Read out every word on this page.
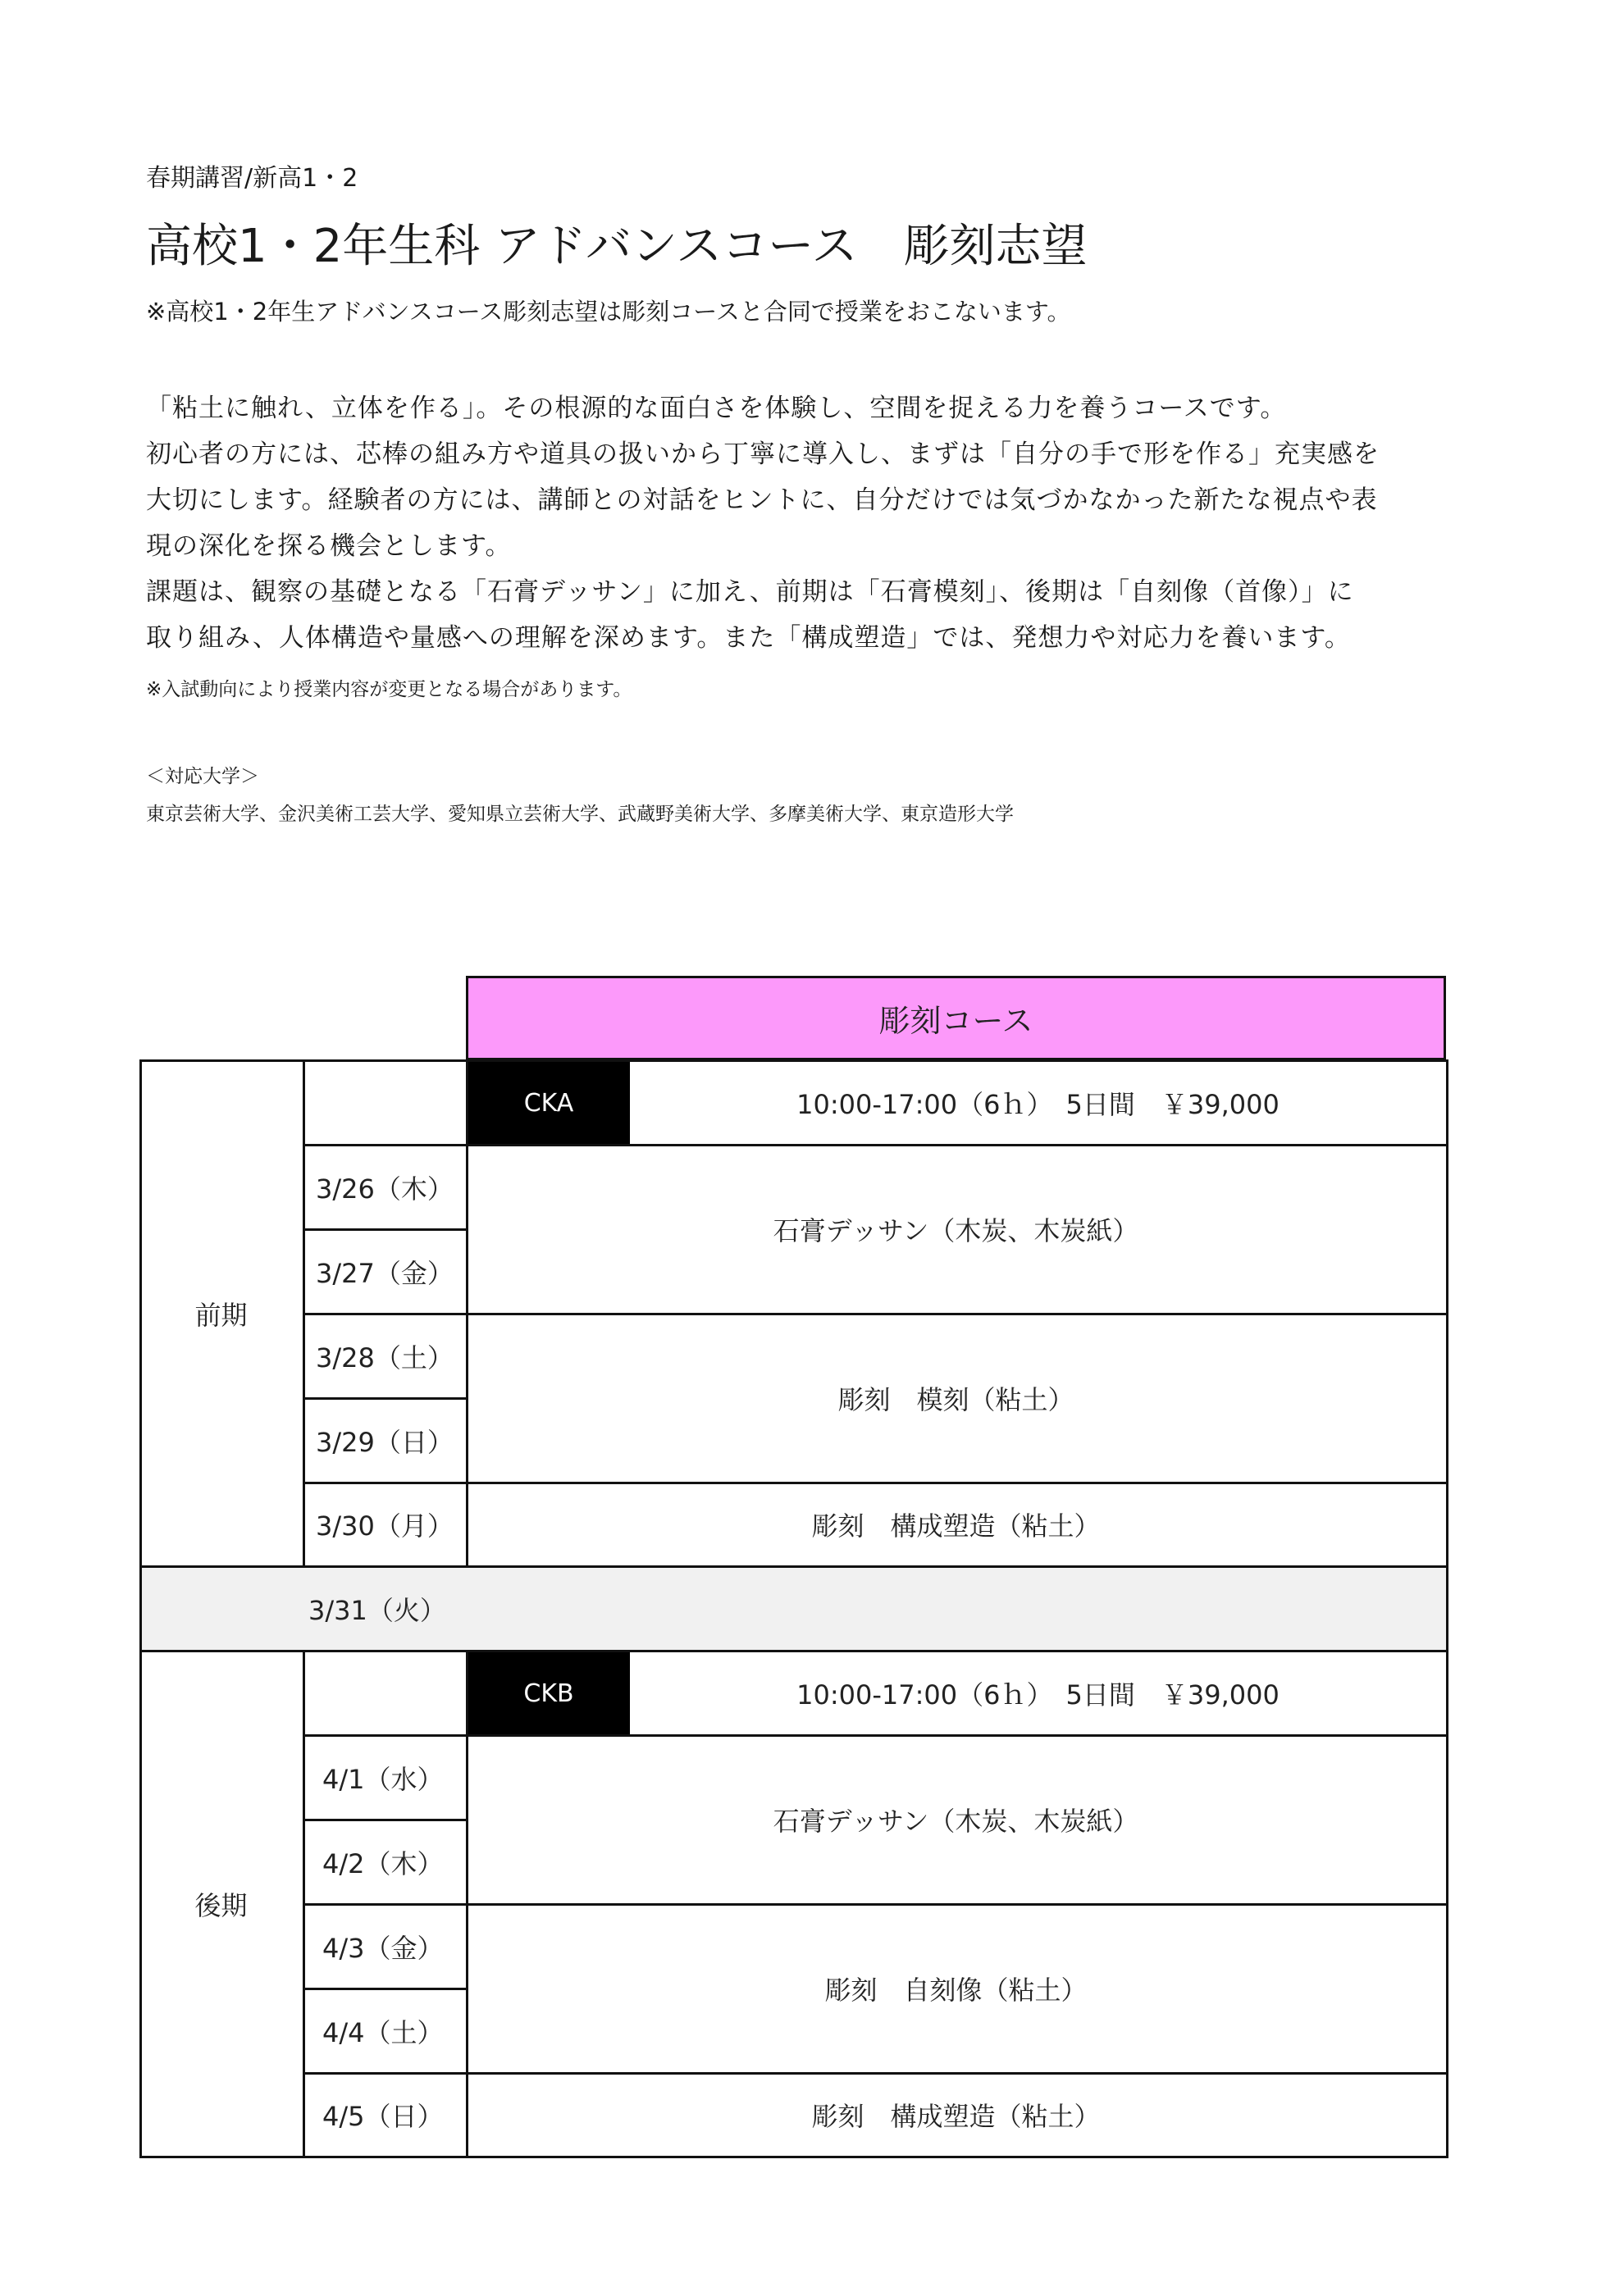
春期講習/新高1・2
高校1・2年生科 アドバンスコース　彫刻志望
※高校1・2年生アドバンスコース彫刻志望は彫刻コースと合同で授業をおこないます。
「粘土に触れ、立体を作る」。その根源的な面白さを体験し、空間を捉える力を養うコースです。
初心者の方には、芯棒の組み方や道具の扱いから丁寧に導入し、まずは「自分の手で形を作る」充実感を
大切にします。経験者の方には、講師との対話をヒントに、自分だけでは気づかなかった新たな視点や表
現の深化を探る機会とします。
課題は、観察の基礎となる「石膏デッサン」に加え、前期は「石膏模刻」、後期は「自刻像（首像）」に
取り組み、人体構造や量感への理解を深めます。また「構成塑造」では、発想力や対応力を養います。
※入試動向により授業内容が変更となる場合があります。
＜対応大学＞
東京芸術大学、金沢美術工芸大学、愛知県立芸術大学、武蔵野美術大学、多摩美術大学、東京造形大学
彫刻コース
前期
CKA	10:00-17:00（6ｈ）　5日間　￥39,000
3/26（木）
3/27（金）
3/28（土）
3/29（日）
3/30（月）
石膏デッサン（木炭、木炭紙）
彫刻　模刻（粘土）
彫刻　構成塑造（粘土）
3/31（火）
後期
CKB	10:00-17:00（6ｈ）　5日間　￥39,000
4/1（水）
4/2（木）
4/3（金）
4/4（土）
4/5（日）
石膏デッサン（木炭、木炭紙）
彫刻　自刻像（粘土）
彫刻　構成塑造（粘土）
